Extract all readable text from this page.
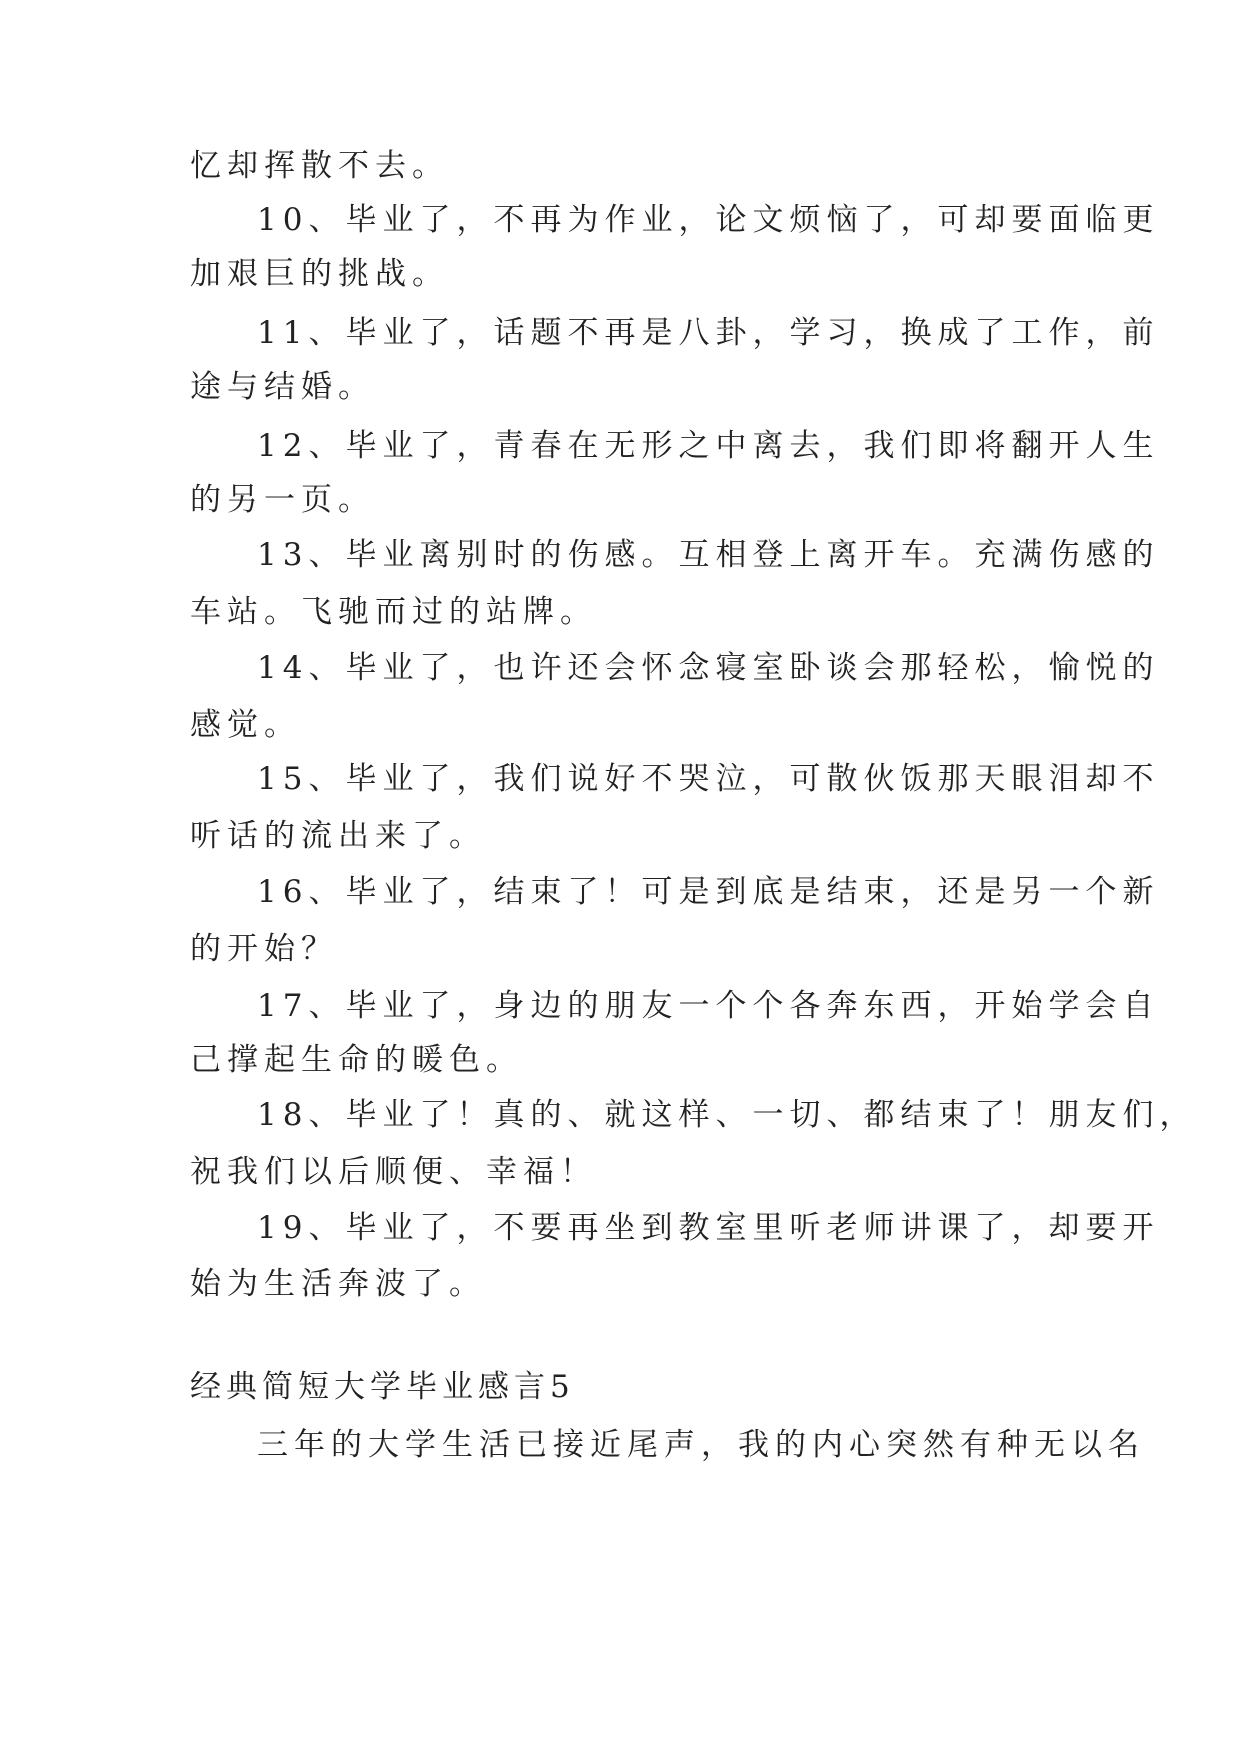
忆却挥散不去。
10、毕业了，不再为作业，论文烦恼了，可却要面临更
加艰巨的挑战。
11、毕业了，话题不再是八卦，学习，换成了工作，前
途与结婚。
12、毕业了，青春在无形之中离去，我们即将翻开人生
的另一页。
13、毕业离别时的伤感。互相登上离开车。充满伤感的
车站。飞驰而过的站牌。
14、毕业了，也许还会怀念寝室卧谈会那轻松，愉悦的
感觉。
15、毕业了，我们说好不哭泣，可散伙饭那天眼泪却不
听话的流出来了。
16、毕业了，结束了！可是到底是结束，还是另一个新
的开始？
17、毕业了，身边的朋友一个个各奔东西，开始学会自
己撑起生命的暖色。
18、毕业了！真的、就这样、一切、都结束了！朋友们，
祝我们以后顺便、幸福！
19、毕业了，不要再坐到教室里听老师讲课了，却要开
始为生活奔波了。
经典简短大学毕业感言5
三年的大学生活已接近尾声，我的内心突然有种无以名
